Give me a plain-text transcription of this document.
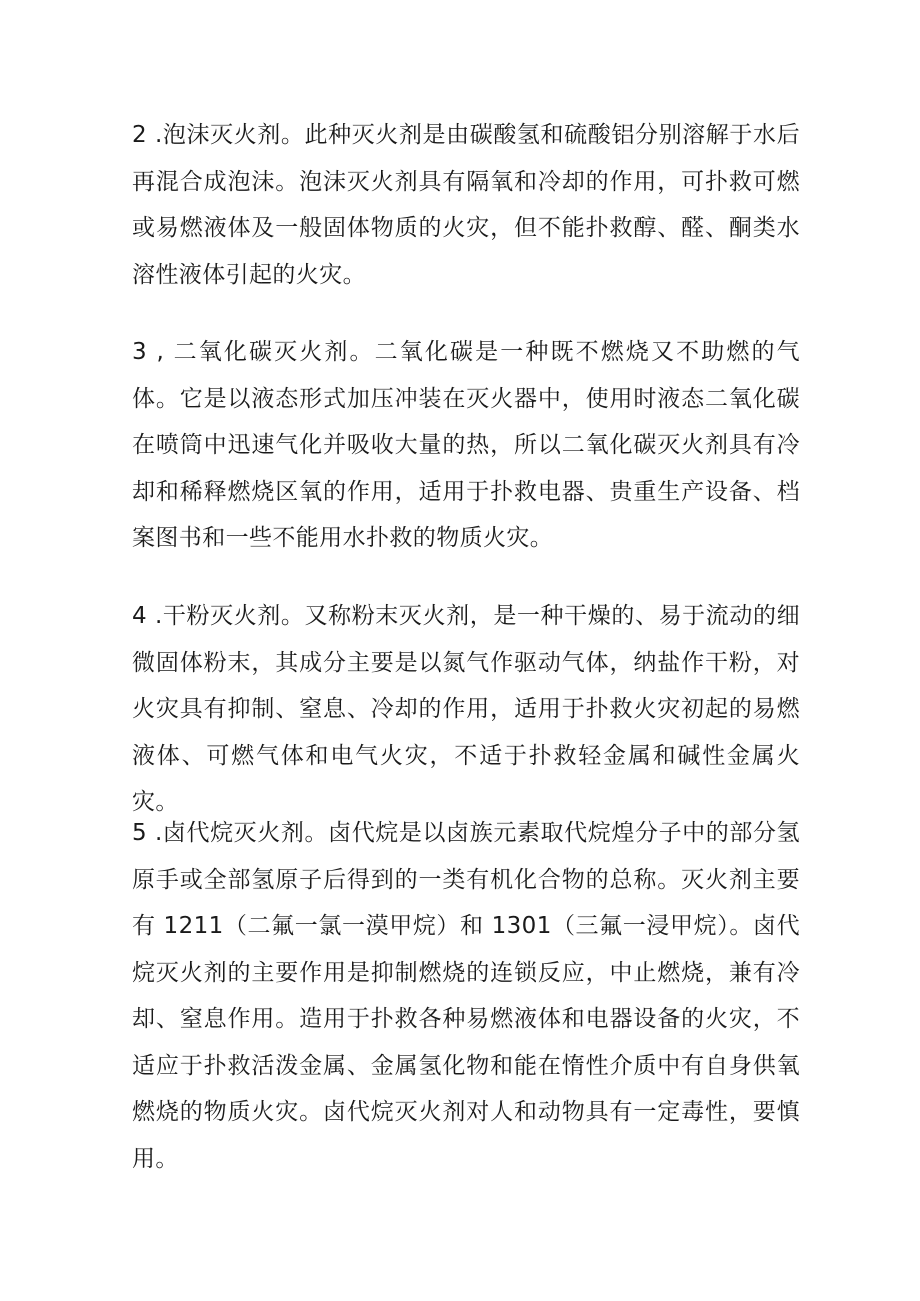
2 .泡沫灭火剂。此种灭火剂是由碳酸氢和硫酸铝分别溶解于水后再混合成泡沫。泡沫灭火剂具有隔氧和冷却的作用，可扑救可燃或易燃液体及一般固体物质的火灾，但不能扑救醇、醛、酮类水溶性液体引起的火灾。

3 , 二氧化碳灭火剂。二氧化碳是一种既不燃烧又不助燃的气体。它是以液态形式加压冲装在灭火器中，使用时液态二氧化碳在喷筒中迅速气化并吸收大量的热，所以二氧化碳灭火剂具有冷却和稀释燃烧区氧的作用，适用于扑救电器、贵重生产设备、档案图书和一些不能用水扑救的物质火灾。

4 .干粉灭火剂。又称粉末灭火剂，是一种干燥的、易于流动的细微固体粉末，其成分主要是以氮气作驱动气体，纳盐作干粉，对火灾具有抑制、窒息、冷却的作用，适用于扑救火灾初起的易燃液体、可燃气体和电气火灾，不适于扑救轻金属和碱性金属火灾。

5 .卤代烷灭火剂。卤代烷是以卤族元素取代烷煌分子中的部分氢原手或全部氢原子后得到的一类有机化合物的总称。灭火剂主要有 1211（二氟一氯一漠甲烷）和 1301（三氟一浸甲烷）。卤代烷灭火剂的主要作用是抑制燃烧的连锁反应，中止燃烧，兼有冷却、窒息作用。造用于扑救各种易燃液体和电器设备的火灾，不适应于扑救活泼金属、金属氢化物和能在惰性介质中有自身供氧燃烧的物质火灾。卤代烷灭火剂对人和动物具有一定毒性，要慎用。
